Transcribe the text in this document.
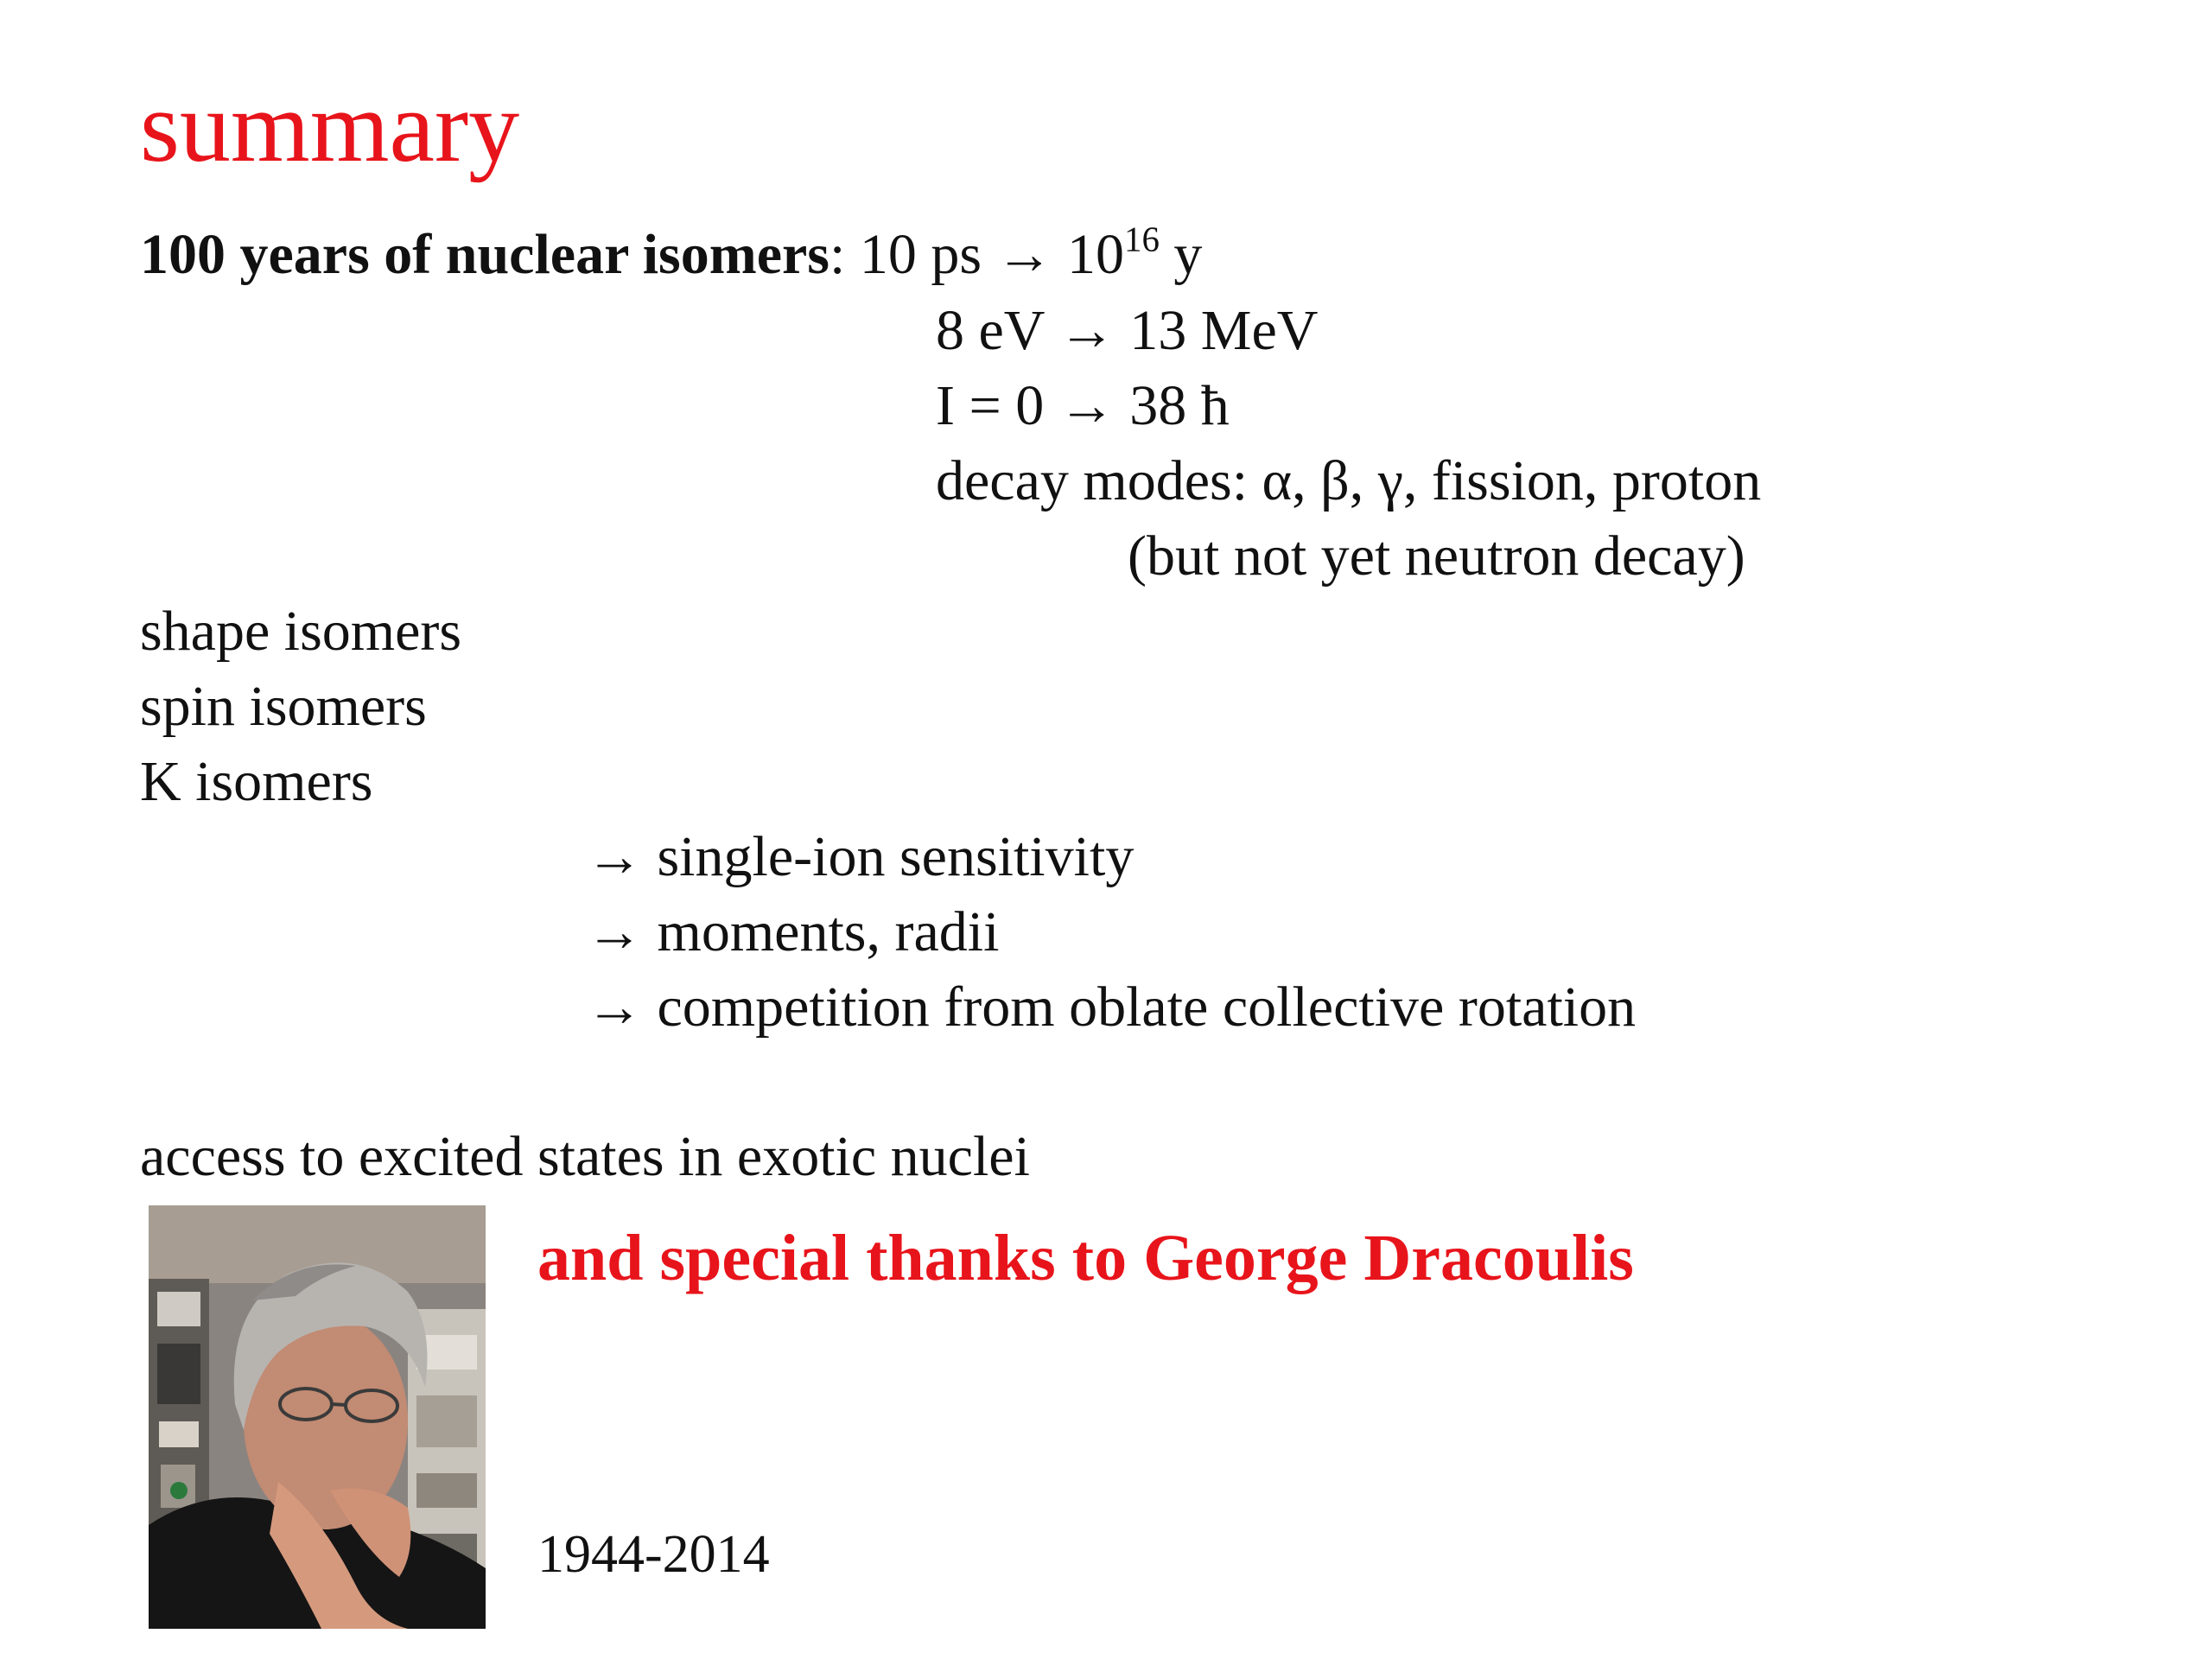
summary
100 years of nuclear isomers: 10 ps → $10^{16}$ y
8 eV → 13 MeV
I = 0 → 38 ħ
decay modes: α, β, γ, fission, proton
(but not yet neutron decay)
shape isomers
spin isomers
K isomers
→ single-ion sensitivity
→ moments, radii
→ competition from oblate collective rotation
access to excited states in exotic nuclei
and special thanks to George Dracoulis
1944-2014
